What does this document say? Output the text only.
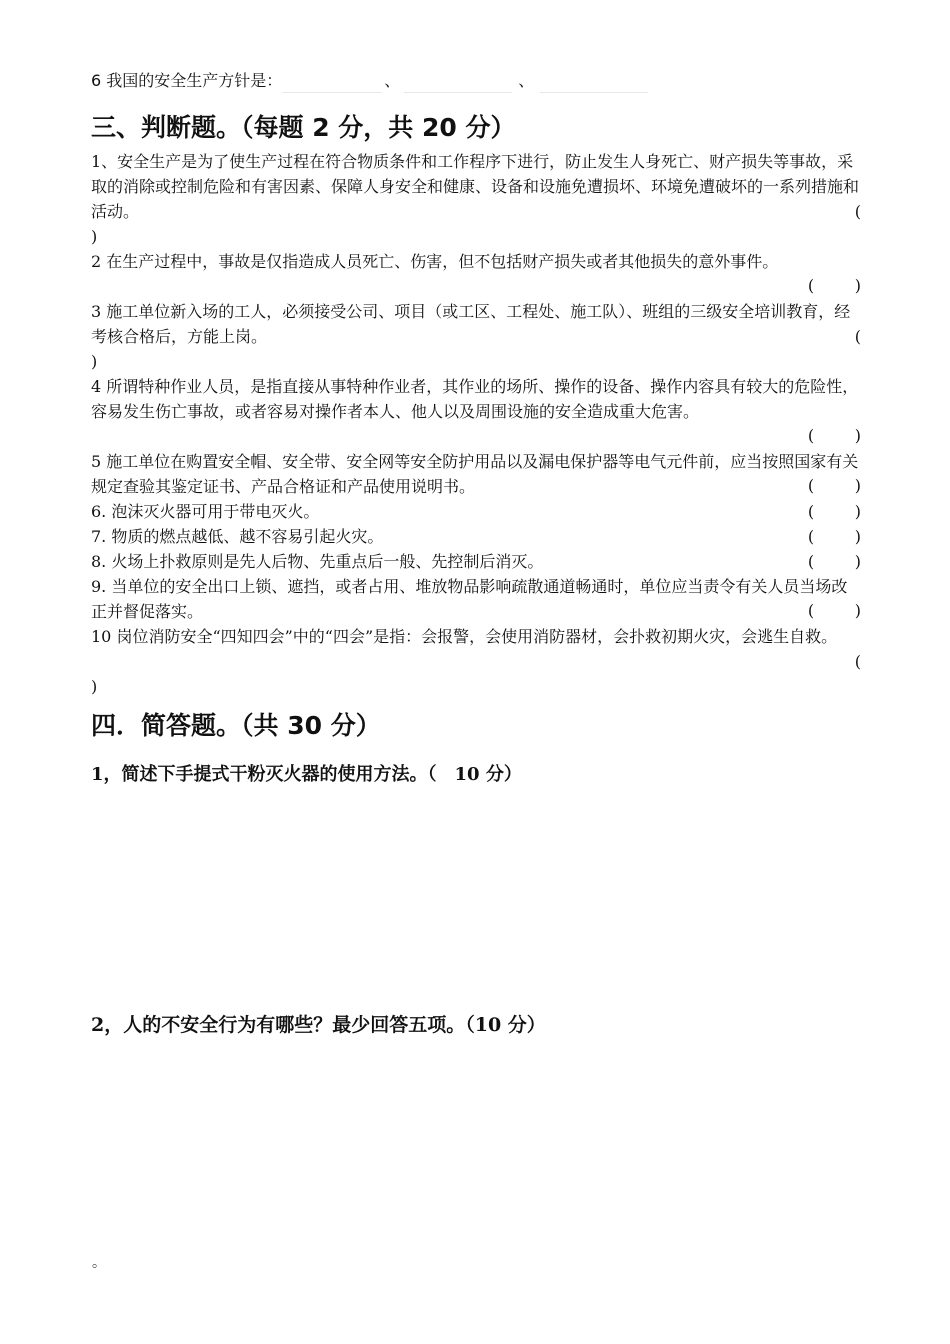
6 我国的安全生产方针是：	、	、
三、判断题。（每题 2 分，共 20 分）
1、安全生产是为了使生产过程在符合物质条件和工作程序下进行，防止发生人身死亡、财产损失等事故，采取的消除或控制危险和有害因素、保障人身安全和健康、设备和设施免遭损坏、环境免遭破坏的一系列措施和活动。	(
)
2 在生产过程中，事故是仅指造成人员死亡、伤害，但不包括财产损失或者其他损失的意外事件。
(        )
3 施工单位新入场的工人，必须接受公司、项目（或工区、工程处、施工队）、班组的三级安全培训教育，经考核合格后，方能上岗。	(
)
4 所谓特种作业人员，是指直接从事特种作业者，其作业的场所、操作的设备、操作内容具有较大的危险性，容易发生伤亡事故，或者容易对操作者本人、他人以及周围设施的安全造成重大危害。
(        )
5 施工单位在购置安全帽、安全带、安全网等安全防护用品以及漏电保护器等电气元件前，应当按照国家有关规定查验其鉴定证书、产品合格证和产品使用说明书。	(        )
6. 泡沫灭火器可用于带电灭火。	(        )
7. 物质的燃点越低、越不容易引起火灾。	(        )
8. 火场上扑救原则是先人后物、先重点后一般、先控制后消灭。	(        )
9. 当单位的安全出口上锁、遮挡，或者占用、堆放物品影响疏散通道畅通时，单位应当责令有关人员当场改正并督促落实。	(        )
10 岗位消防安全“四知四会”中的“四会”是指：会报警，会使用消防器材，会扑救初期火灾，会逃生自救。
(
)
四．简答题。（共 30 分）
1，简述下手提式干粉灭火器的使用方法。（　10 分）
2，人的不安全行为有哪些？最少回答五项。（10 分）
。
